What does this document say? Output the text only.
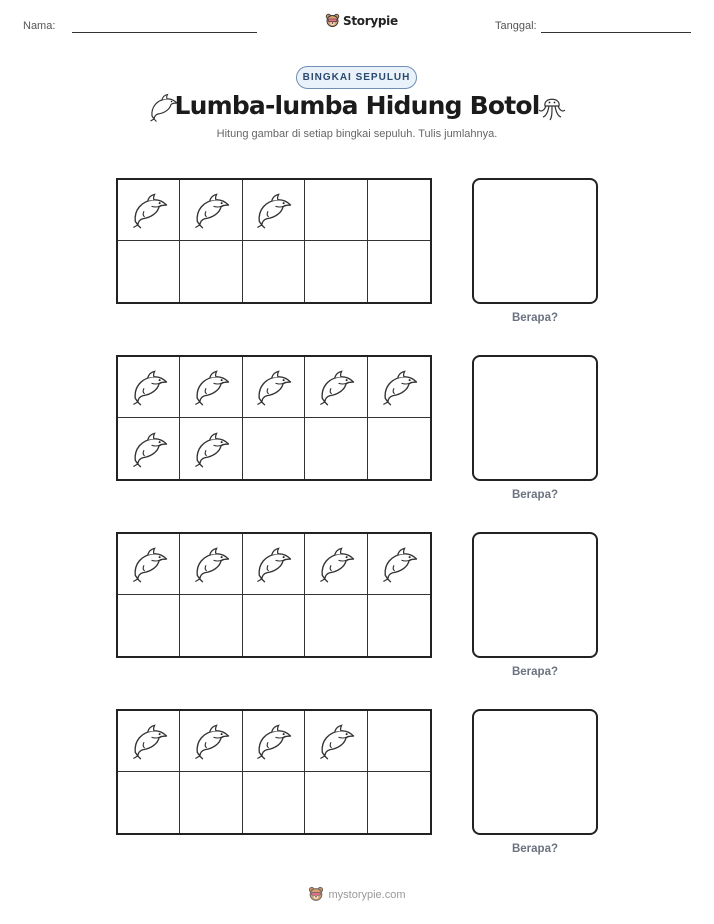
Nama:	Storypie	Tanggal:
BINGKAI SEPULUH
Lumba-lumba Hidung Botol
Hitung gambar di setiap bingkai sepuluh. Tulis jumlahnya.
Berapa?
Berapa?
Berapa?
Berapa?
mystorypie.com
